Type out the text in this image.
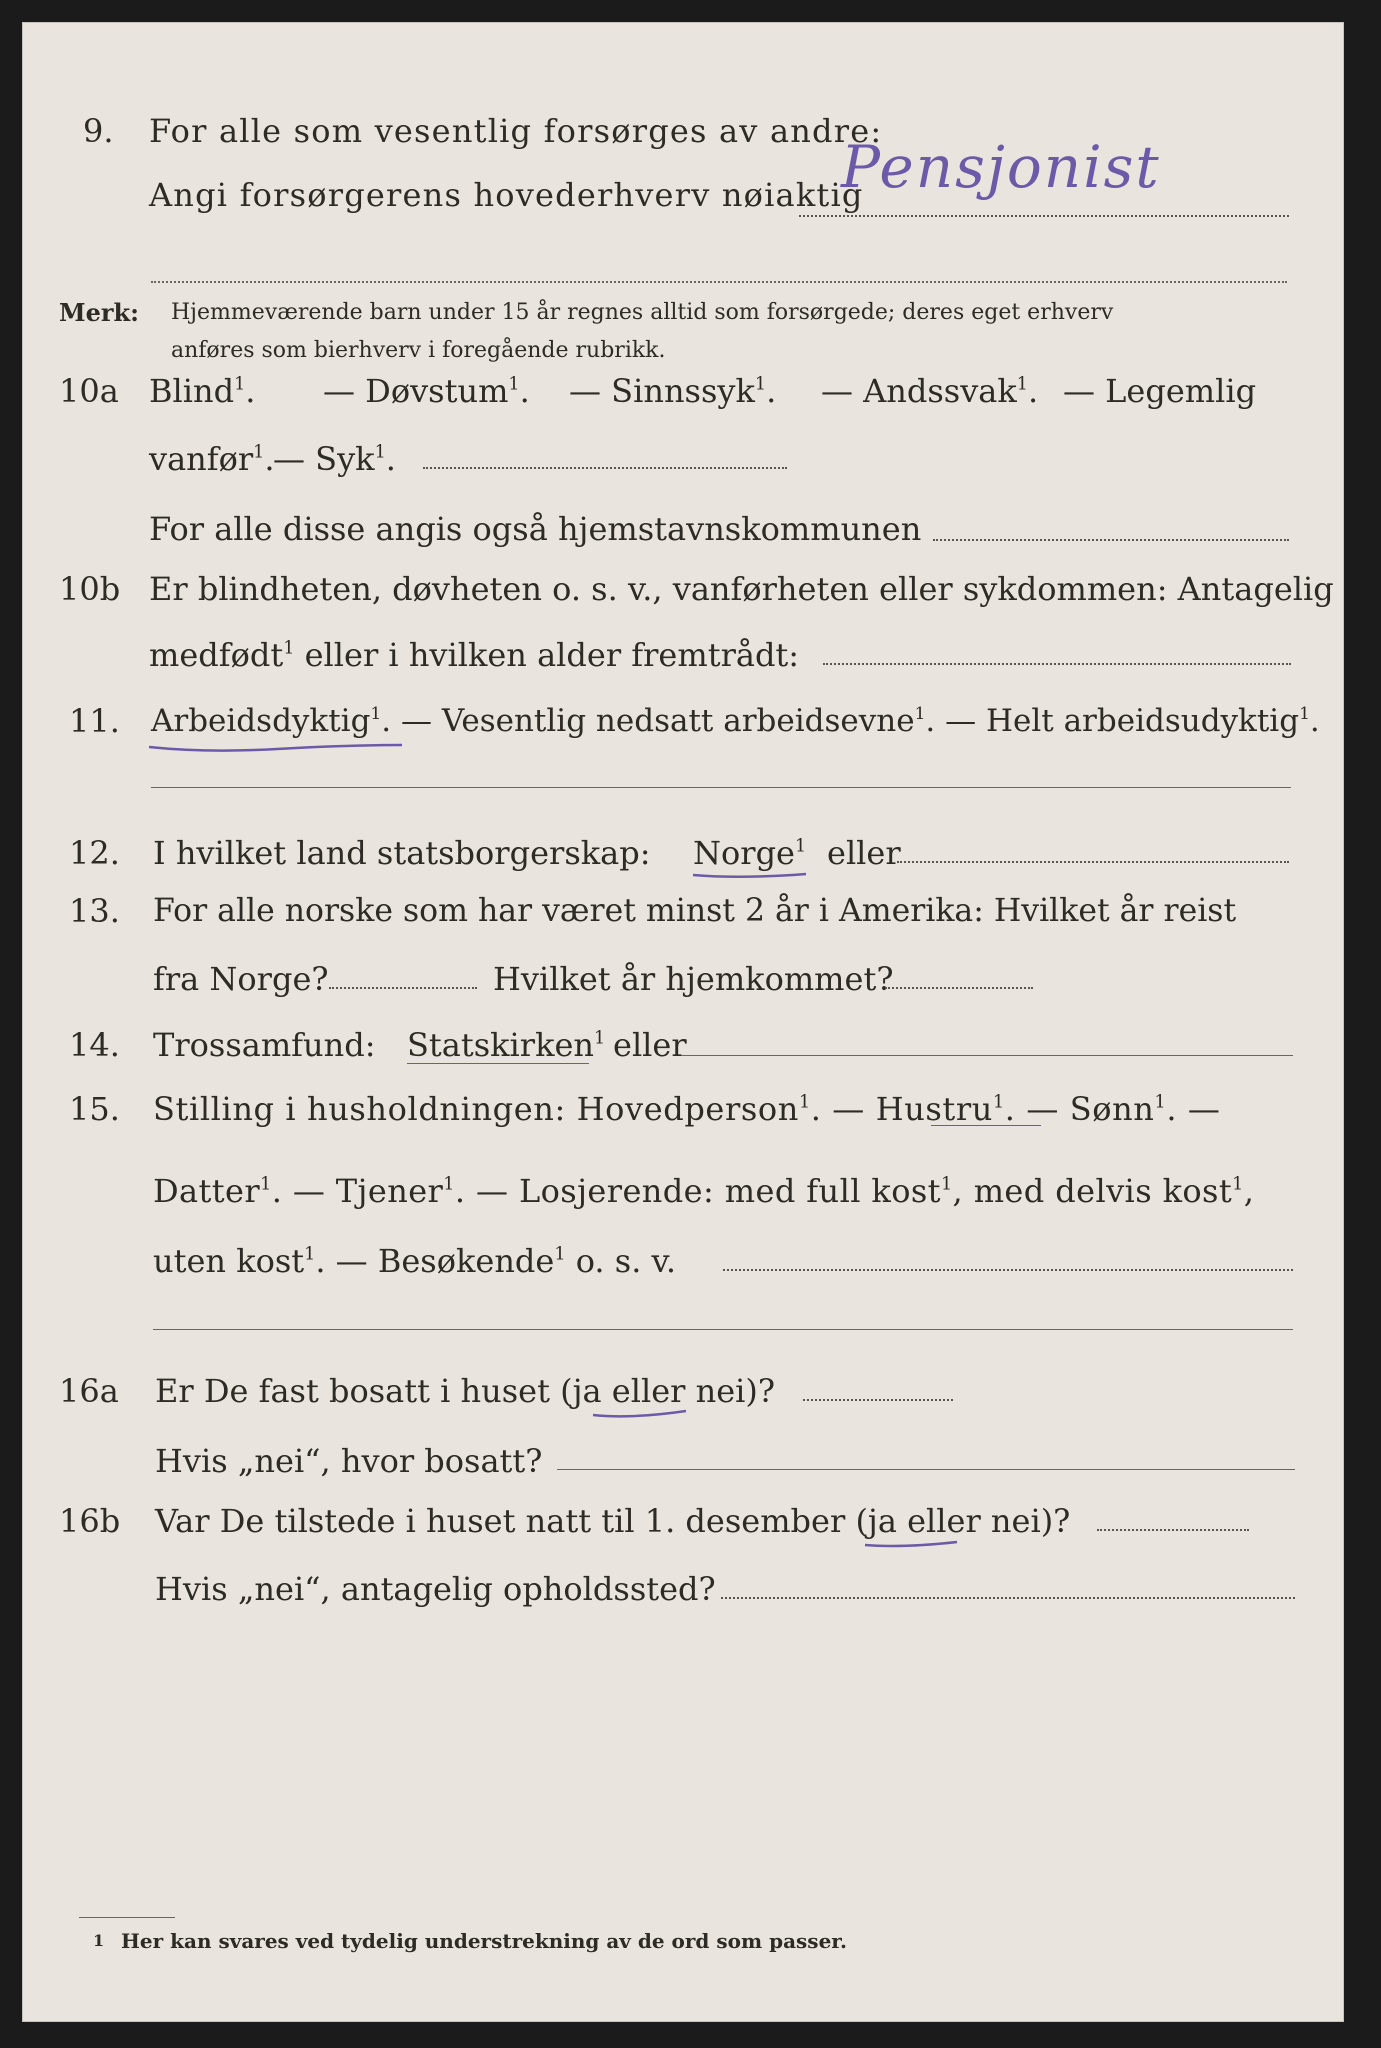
9. For alle som vesentlig forsørges av andre:
Angi forsørgerens hovederhverv nøiaktig
Pensjonist
Merk: Hjemmeværende barn under 15 år regnes alltid som forsørgede; deres eget erhverv
anføres som bierhverv i foregående rubrikk.
10a Blind$^1$. — Døvstum$^1$. — Sinnssyk$^1$. — Andssvak$^1$. — Legemlig
vanfør$^1$.
— Syk$^1$.
For alle disse angis også hjemstavnskommunen
10b Er blindheten, døvheten o. s. v., vanførheten eller sykdommen: Antagelig
medfødt$^1$ eller i hvilken alder fremtrådt:
11. Arbeidsdyktig$^1$. — Vesentlig nedsatt arbeidsevne$^1$. — Helt arbeidsudyktig$^1$.
12. I hvilket land statsborgerskap: Norge$^1$ eller
13. For alle norske som har været minst 2 år i Amerika: Hvilket år reist
fra Norge?	Hvilket år hjemkommet?
14. Trossamfund: Statskirken$^1$ eller
15. Stilling i husholdningen: Hovedperson$^1$. — Hustru$^1$. — Sønn$^1$. —
Datter$^1$. — Tjener$^1$. — Losjerende: med full kost$^1$, med delvis kost$^1$,
uten kost$^1$. — Besøkende$^1$ o. s. v.
16a Er De fast bosatt i huset (ja eller nei)?
Hvis „nei“, hvor bosatt?
16b Var De tilstede i huset natt til 1. desember (ja eller nei)?
Hvis „nei“, antagelig opholdssted?
1 Her kan svares ved tydelig understrekning av de ord som passer.
